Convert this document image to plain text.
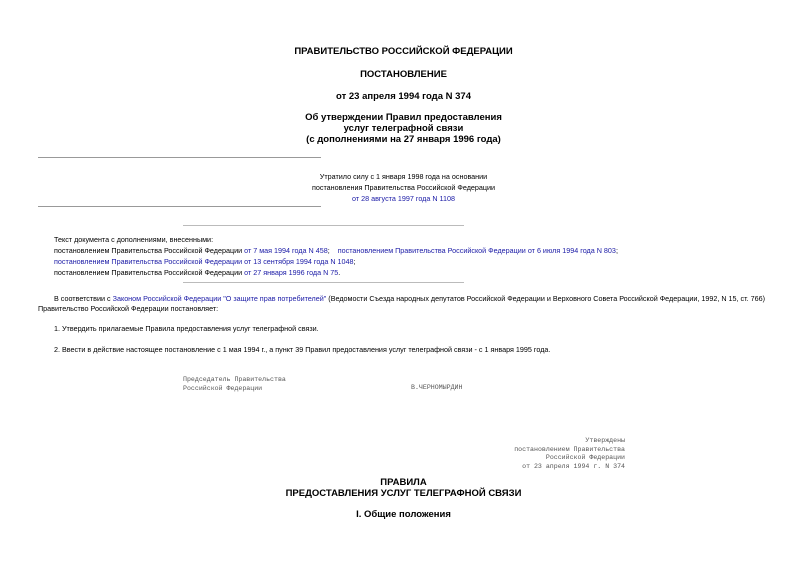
ПРАВИТЕЛЬСТВО РОССИЙСКОЙ ФЕДЕРАЦИИ
ПОСТАНОВЛЕНИЕ
от 23 апреля 1994 года N 374
Об утверждении Правил предоставления
услуг телеграфной связи
(с дополнениями на 27 января 1996 года)
Утратило силу с 1 января 1998 года на основании
постановления Правительства Российской Федерации
от 28 августа 1997 года N 1108
Текст документа с дополнениями, внесенными:
постановлением Правительства Российской Федерации от 7 мая 1994 года N 458; постановлением Правительства Российской Федерации от 6 июля 1994 года N 803;
постановлением Правительства Российской Федерации от 13 сентября 1994 года N 1048;
постановлением Правительства Российской Федерации от 27 января 1996 года N 75.
В соответствии с Законом Российской Федерации "О защите прав потребителей" (Ведомости Съезда народных депутатов Российской Федерации и Верховного Совета Российской Федерации, 1992, N 15, ст. 766)
Правительство Российской Федерации постановляет:
1. Утвердить прилагаемые Правила предоставления услуг телеграфной связи.
2. Ввести в действие настоящее постановление с 1 мая 1994 г., а пункт 39 Правил предоставления услуг телеграфной связи - с 1 января 1995 года.
Председатель Правительства
Российской Федерации	В.ЧЕРНОМЫРДИН
Утверждены
постановлением Правительства
Российской Федерации
от 23 апреля 1994 г. N 374
ПРАВИЛА
ПРЕДОСТАВЛЕНИЯ УСЛУГ ТЕЛЕГРАФНОЙ СВЯЗИ
I. Общие положения
